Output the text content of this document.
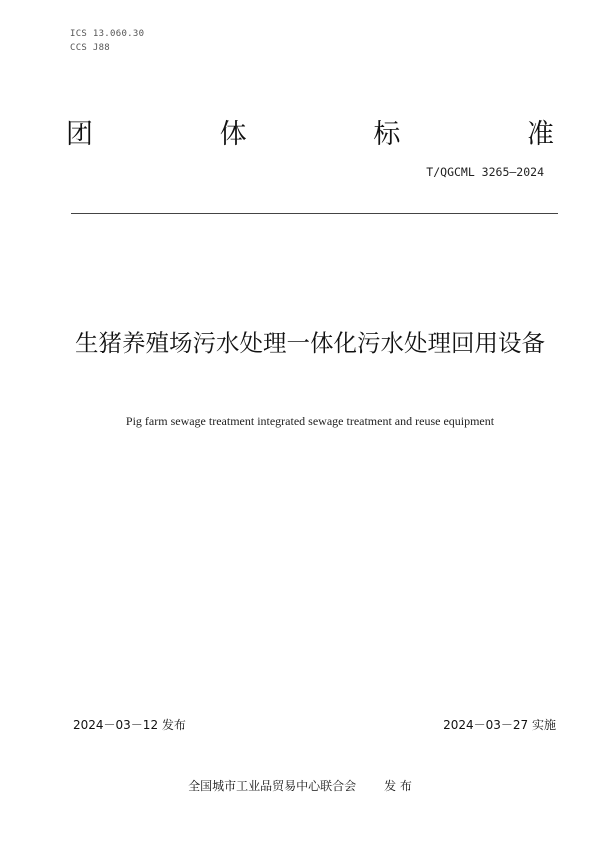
ICS 13.060.30
CCS J88
团	体	标	准
T/QGCML 3265—2024
生猪养殖场污水处理一体化污水处理回用设备
Pig farm sewage treatment integrated sewage treatment and reuse equipment
2024－03－12 发布	2024－03－27 实施
全国城市工业品贸易中心联合会 发 布
